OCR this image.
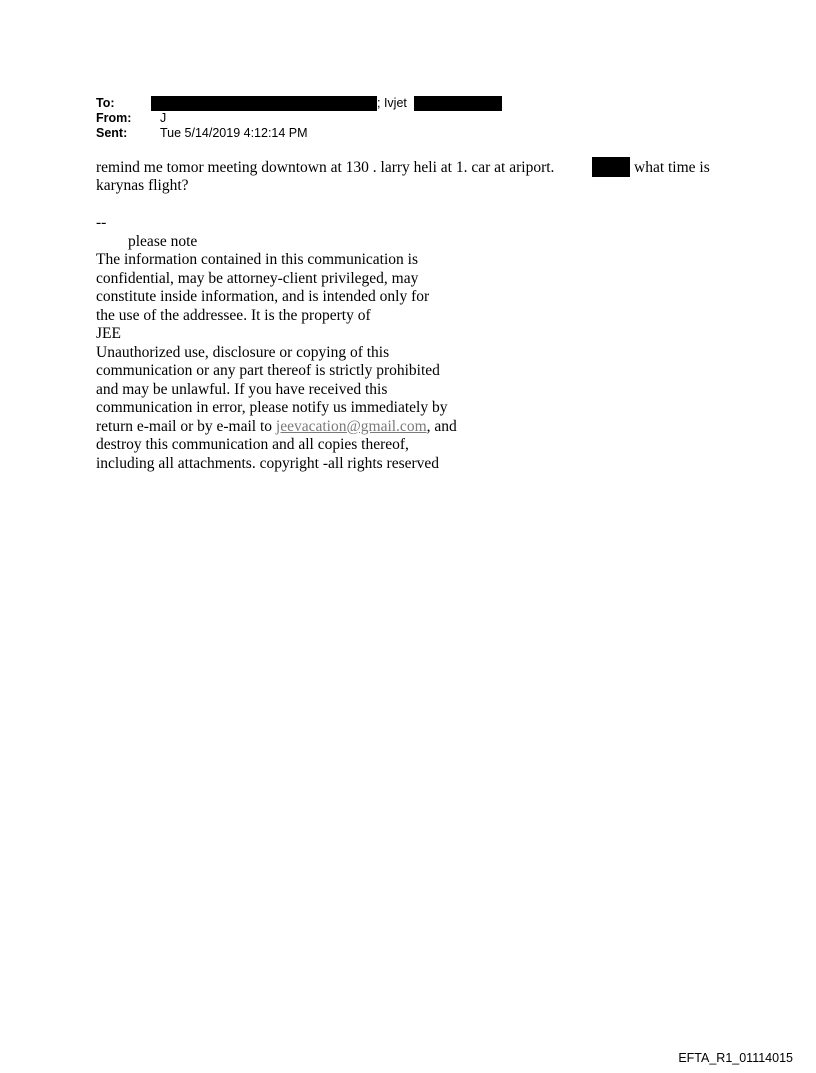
To:	; Ivjet
From: J
Sent:	Tue 5/14/2019 4:12:14 PM
remind me tomor meeting downtown at 130 . larry heli at 1. car at ariport.	what time is
karynas flight?
--
please note
The information contained in this communication is
confidential, may be attorney-client privileged, may
constitute inside information, and is intended only for
the use of the addressee. It is the property of
JEE
Unauthorized use, disclosure or copying of this
communication or any part thereof is strictly prohibited
and may be unlawful. If you have received this
communication in error, please notify us immediately by
return e-mail or by e-mail to jeevacation@gmail.com, and
destroy this communication and all copies thereof,
including all attachments. copyright -all rights reserved
EFTA_R1_01114015
